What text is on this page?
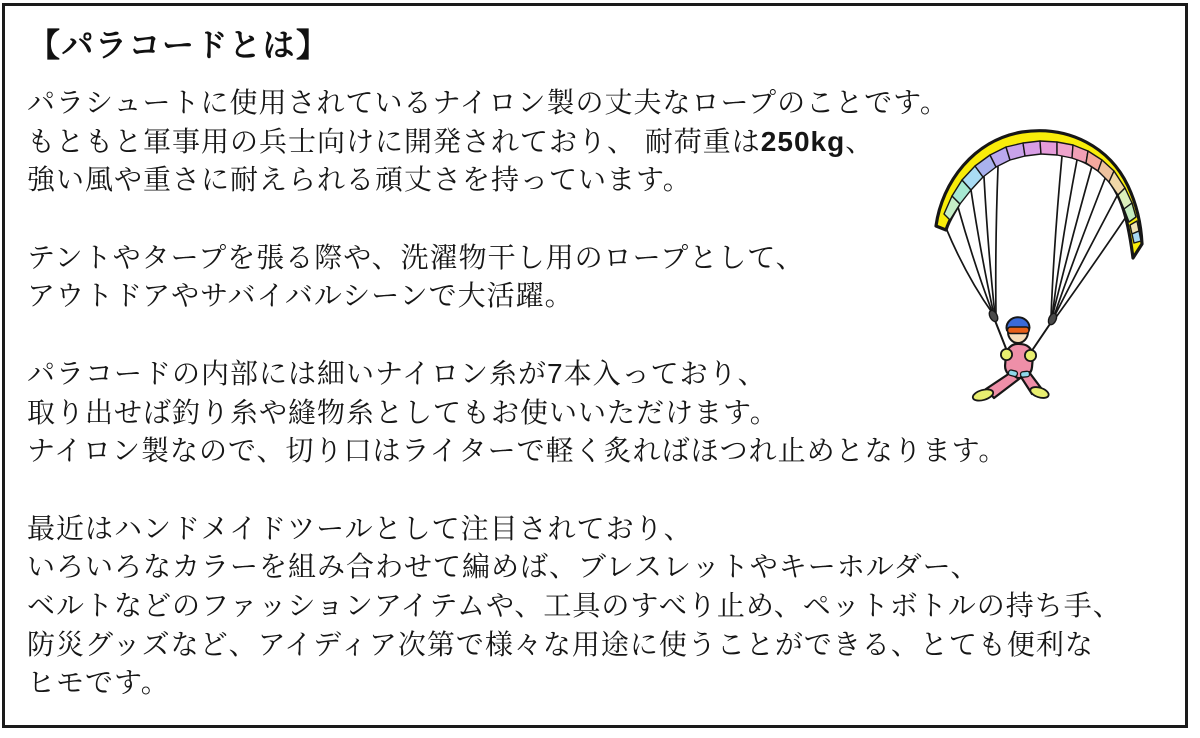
【パラコードとは】

パラシュートに使用されているナイロン製の丈夫なロープのことです。
もともと軍事用の兵士向けに開発されており、 耐荷重は250kg、
強い風や重さに耐えられる頑丈さを持っています。

テントやタープを張る際や、洗濯物干し用のロープとして、
アウトドアやサバイバルシーンで大活躍。

パラコードの内部には細いナイロン糸が7本入っており、
取り出せば釣り糸や縫物糸としてもお使いいただけます。
ナイロン製なので、切り口はライターで軽く炙ればほつれ止めとなります。

最近はハンドメイドツールとして注目されており、
いろいろなカラーを組み合わせて編めば、ブレスレットやキーホルダー、
ベルトなどのファッションアイテムや、工具のすべり止め、ペットボトルの持ち手、
防災グッズなど、アイディア次第で様々な用途に使うことができる、とても便利な
ヒモです。
